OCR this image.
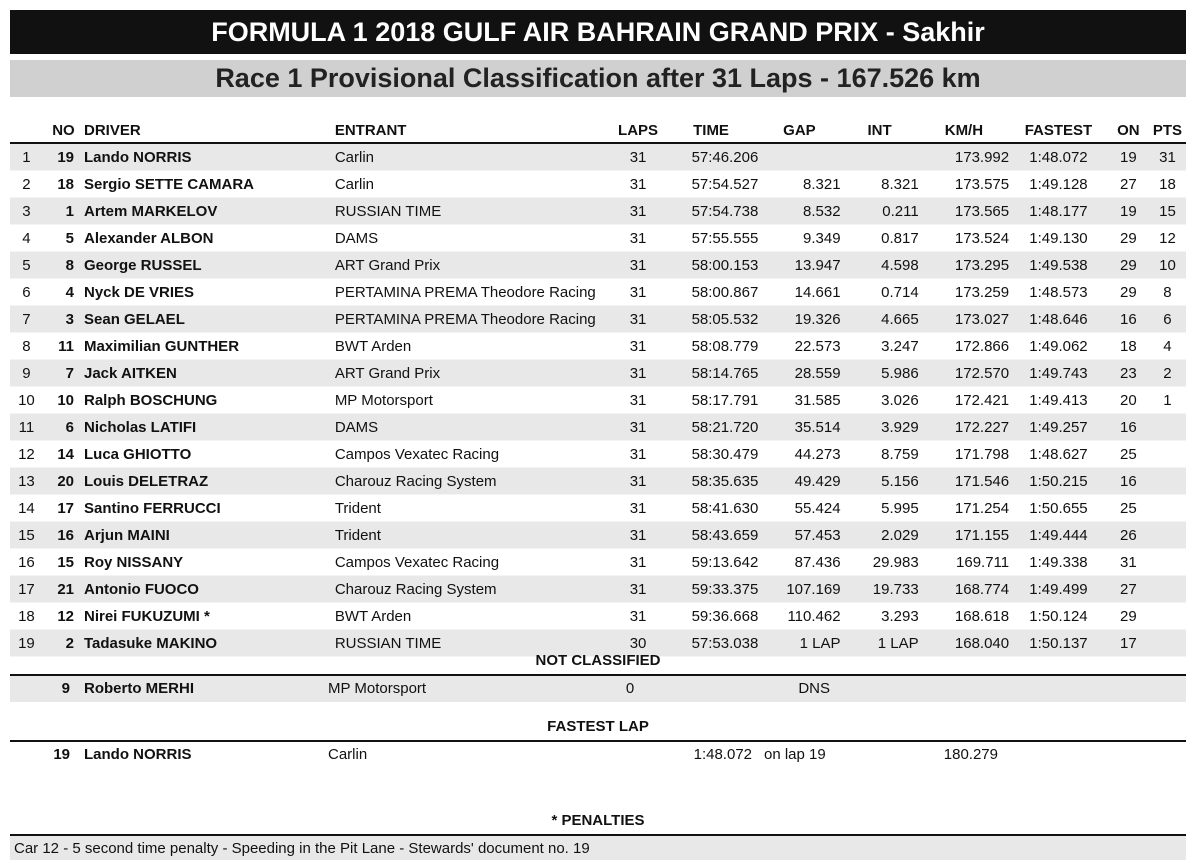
FORMULA 1 2018 GULF AIR BAHRAIN GRAND PRIX - Sakhir
Race 1 Provisional Classification after 31 Laps - 167.526 km
	NO	DRIVER	ENTRANT	LAPS	TIME	GAP	INT	KM/H	FASTEST	ON	PTS
1	19	Lando NORRIS	Carlin	31	57:46.206			173.992	1:48.072	19	31
2	18	Sergio SETTE CAMARA	Carlin	31	57:54.527	8.321	8.321	173.575	1:49.128	27	18
3	1	Artem MARKELOV	RUSSIAN TIME	31	57:54.738	8.532	0.211	173.565	1:48.177	19	15
4	5	Alexander ALBON	DAMS	31	57:55.555	9.349	0.817	173.524	1:49.130	29	12
5	8	George RUSSEL	ART Grand Prix	31	58:00.153	13.947	4.598	173.295	1:49.538	29	10
6	4	Nyck DE VRIES	PERTAMINA PREMA Theodore Racing	31	58:00.867	14.661	0.714	173.259	1:48.573	29	8
7	3	Sean GELAEL	PERTAMINA PREMA Theodore Racing	31	58:05.532	19.326	4.665	173.027	1:48.646	16	6
8	11	Maximilian GUNTHER	BWT Arden	31	58:08.779	22.573	3.247	172.866	1:49.062	18	4
9	7	Jack AITKEN	ART Grand Prix	31	58:14.765	28.559	5.986	172.570	1:49.743	23	2
10	10	Ralph BOSCHUNG	MP Motorsport	31	58:17.791	31.585	3.026	172.421	1:49.413	20	1
11	6	Nicholas LATIFI	DAMS	31	58:21.720	35.514	3.929	172.227	1:49.257	16	
12	14	Luca GHIOTTO	Campos Vexatec Racing	31	58:30.479	44.273	8.759	171.798	1:48.627	25	
13	20	Louis DELETRAZ	Charouz Racing System	31	58:35.635	49.429	5.156	171.546	1:50.215	16	
14	17	Santino FERRUCCI	Trident	31	58:41.630	55.424	5.995	171.254	1:50.655	25	
15	16	Arjun MAINI	Trident	31	58:43.659	57.453	2.029	171.155	1:49.444	26	
16	15	Roy NISSANY	Campos Vexatec Racing	31	59:13.642	87.436	29.983	169.711	1:49.338	31	
17	21	Antonio FUOCO	Charouz Racing System	31	59:33.375	107.169	19.733	168.774	1:49.499	27	
18	12	Nirei FUKUZUMI *	BWT Arden	31	59:36.668	110.462	3.293	168.618	1:50.124	29	
19	2	Tadasuke MAKINO	RUSSIAN TIME	30	57:53.038	1 LAP	1 LAP	168.040	1:50.137	17	
NOT CLASSIFIED
9 Roberto MERHI	MP Motorsport	0	DNS
FASTEST LAP
19 Lando NORRIS	Carlin	1:48.072 on lap 19	180.279
* PENALTIES
Car 12 - 5 second time penalty - Speeding in the Pit Lane - Stewards' document no. 19
